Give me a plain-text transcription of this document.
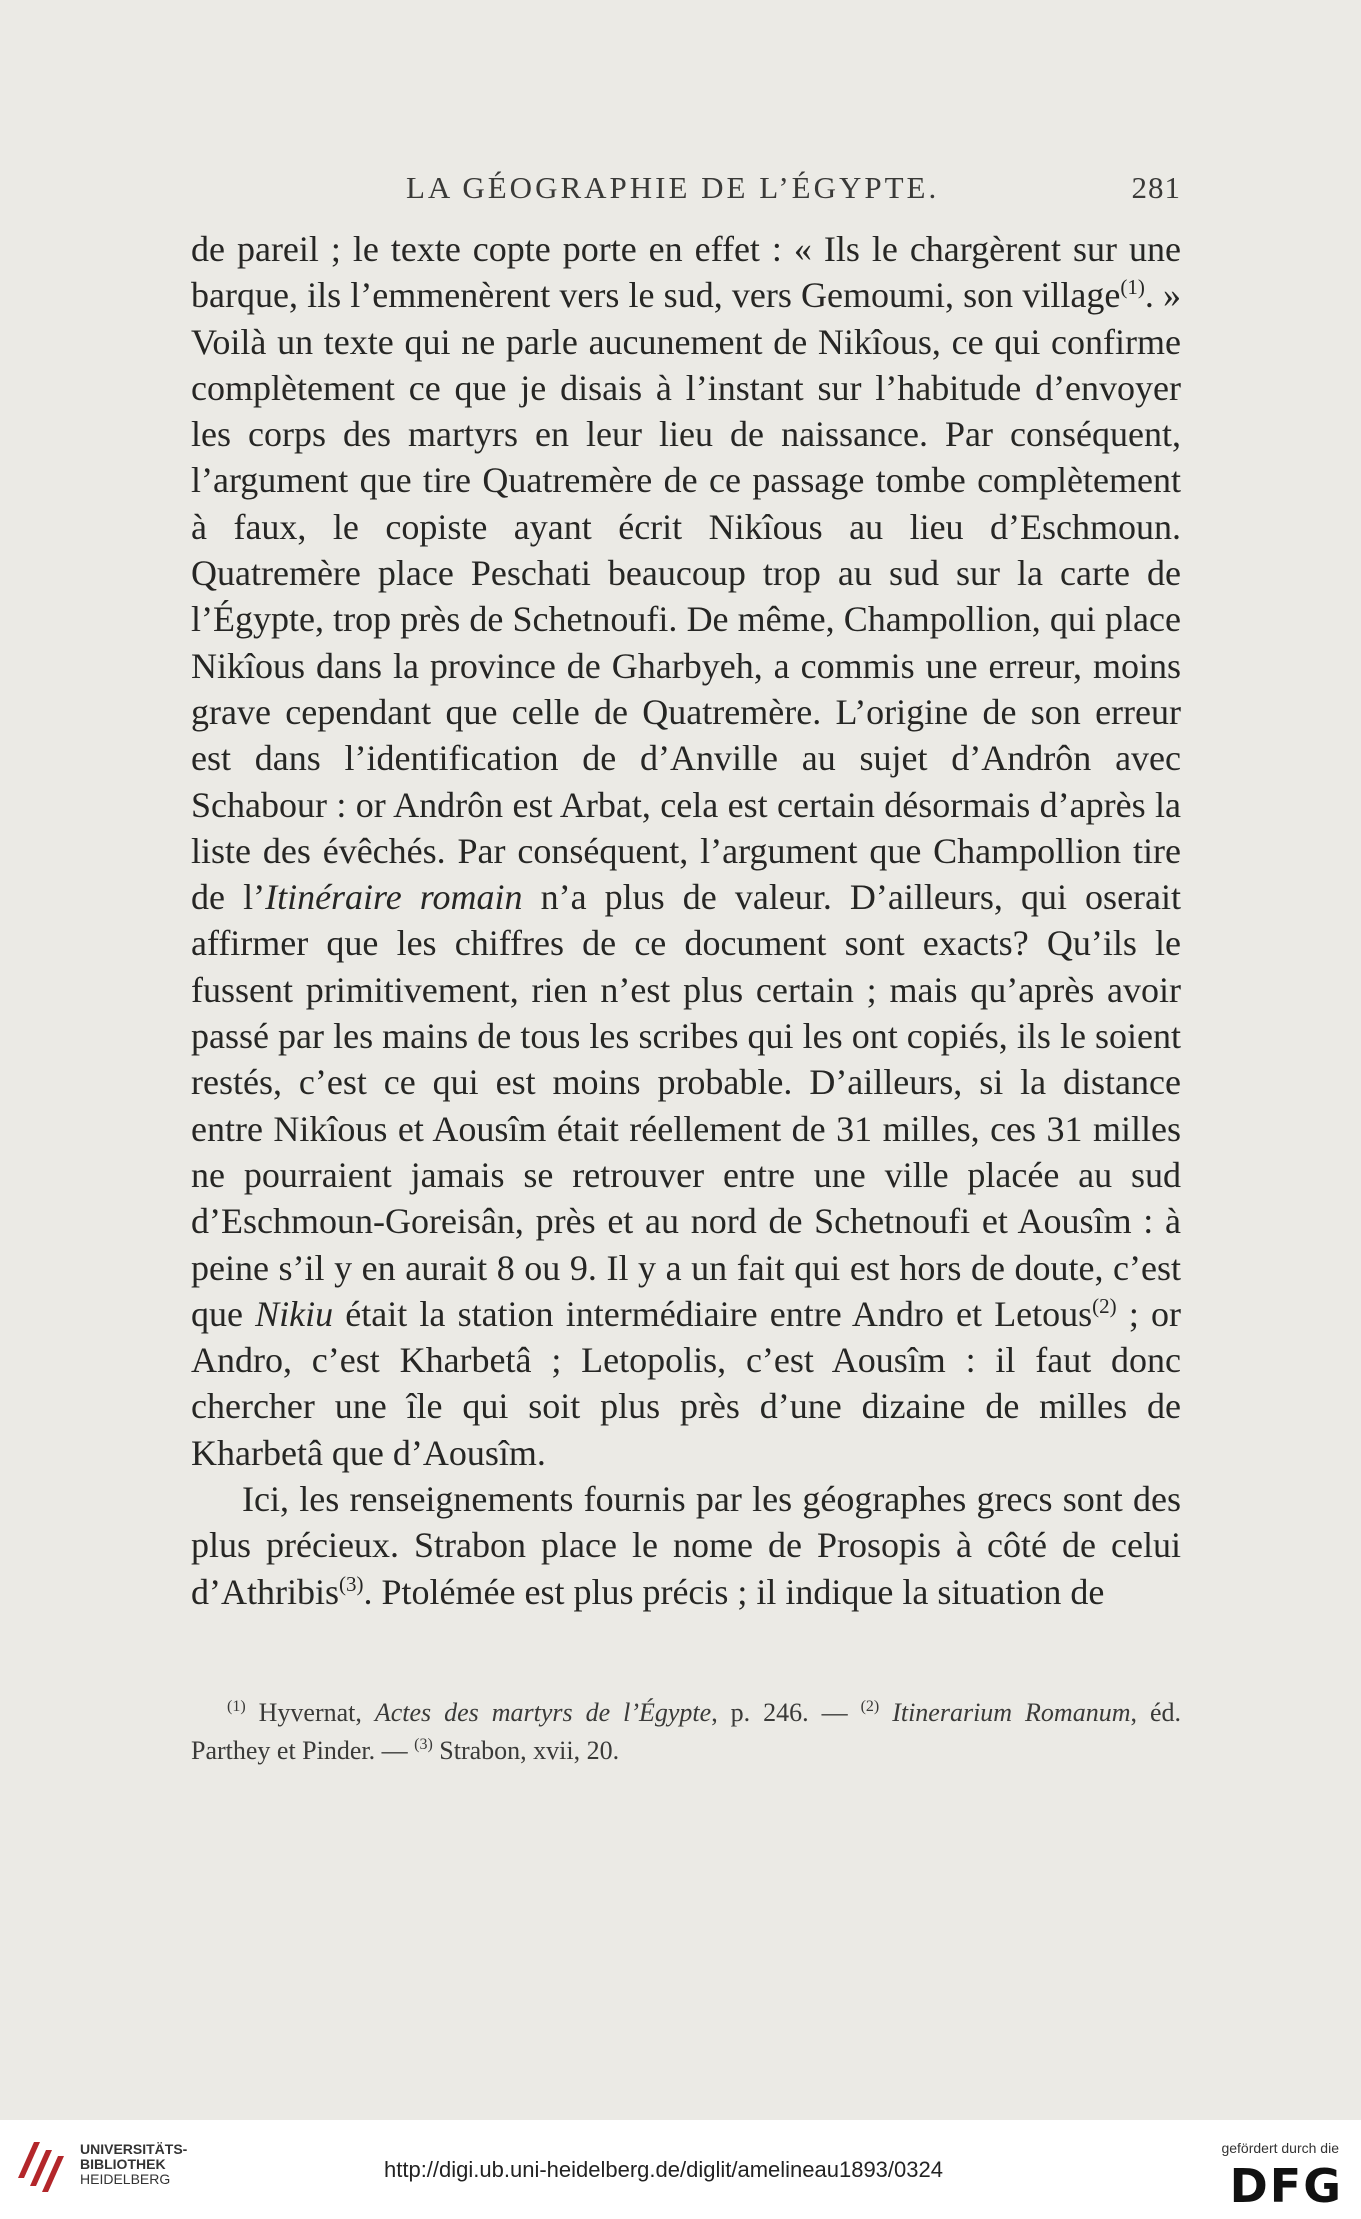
LA GÉOGRAPHIE DE L’ÉGYPTE.	281

de pareil ; le texte copte porte en effet : « Ils le chargèrent sur une barque, ils l’emmenèrent vers le sud, vers Gemoumi, son village$^{(1)}$. » Voilà un texte qui ne parle aucunement de Nikîous, ce qui confirme complètement ce que je disais à l’instant sur l’habitude d’envoyer les corps des martyrs en leur lieu de naissance. Par conséquent, l’argument que tire Quatremère de ce passage tombe complètement à faux, le copiste ayant écrit Nikîous au lieu d’Eschmoun. Quatremère place Peschati beaucoup trop au sud sur la carte de l’Égypte, trop près de Schetnoufi. De même, Champollion, qui place Nikîous dans la province de Gharbyeh, a commis une erreur, moins grave cependant que celle de Quatremère. L’origine de son erreur est dans l’identification de d’Anville au sujet d’Andrôn avec Schabour : or Andrôn est Arbat, cela est certain désormais d’après la liste des évêchés. Par conséquent, l’argument que Champollion tire de l’Itinéraire romain n’a plus de valeur. D’ailleurs, qui oserait affirmer que les chiffres de ce document sont exacts? Qu’ils le fussent primitivement, rien n’est plus certain ; mais qu’après avoir passé par les mains de tous les scribes qui les ont copiés, ils le soient restés, c’est ce qui est moins probable. D’ailleurs, si la distance entre Nikîous et Aousîm était réellement de 31 milles, ces 31 milles ne pourraient jamais se retrouver entre une ville placée au sud d’Eschmoun-Goreisân, près et au nord de Schetnoufi et Aousîm : à peine s’il y en aurait 8 ou 9. Il y a un fait qui est hors de doute, c’est que Nikiu était la station intermédiaire entre Andro et Letous$^{(2)}$ ; or Andro, c’est Kharbetâ ; Letopolis, c’est Aousîm : il faut donc chercher une île qui soit plus près d’une dizaine de milles de Kharbetâ que d’Aousîm.

Ici, les renseignements fournis par les géographes grecs sont des plus précieux. Strabon place le nome de Prosopis à côté de celui d’Athribis$^{(3)}$. Ptolémée est plus précis ; il indique la situation de

$^{(1)}$ Hyvernat, Actes des martyrs de l’Égypte, p. 246. — $^{(2)}$ Itinerarium Romanum, éd. Parthey et Pinder. — $^{(3)}$ Strabon, xvii, 20.

UNIVERSITÄTS-
BIBLIOTHEK
HEIDELBERG	http://digi.ub.uni-heidelberg.de/diglit/amelineau1893/0324
gefördert durch die
DFG
